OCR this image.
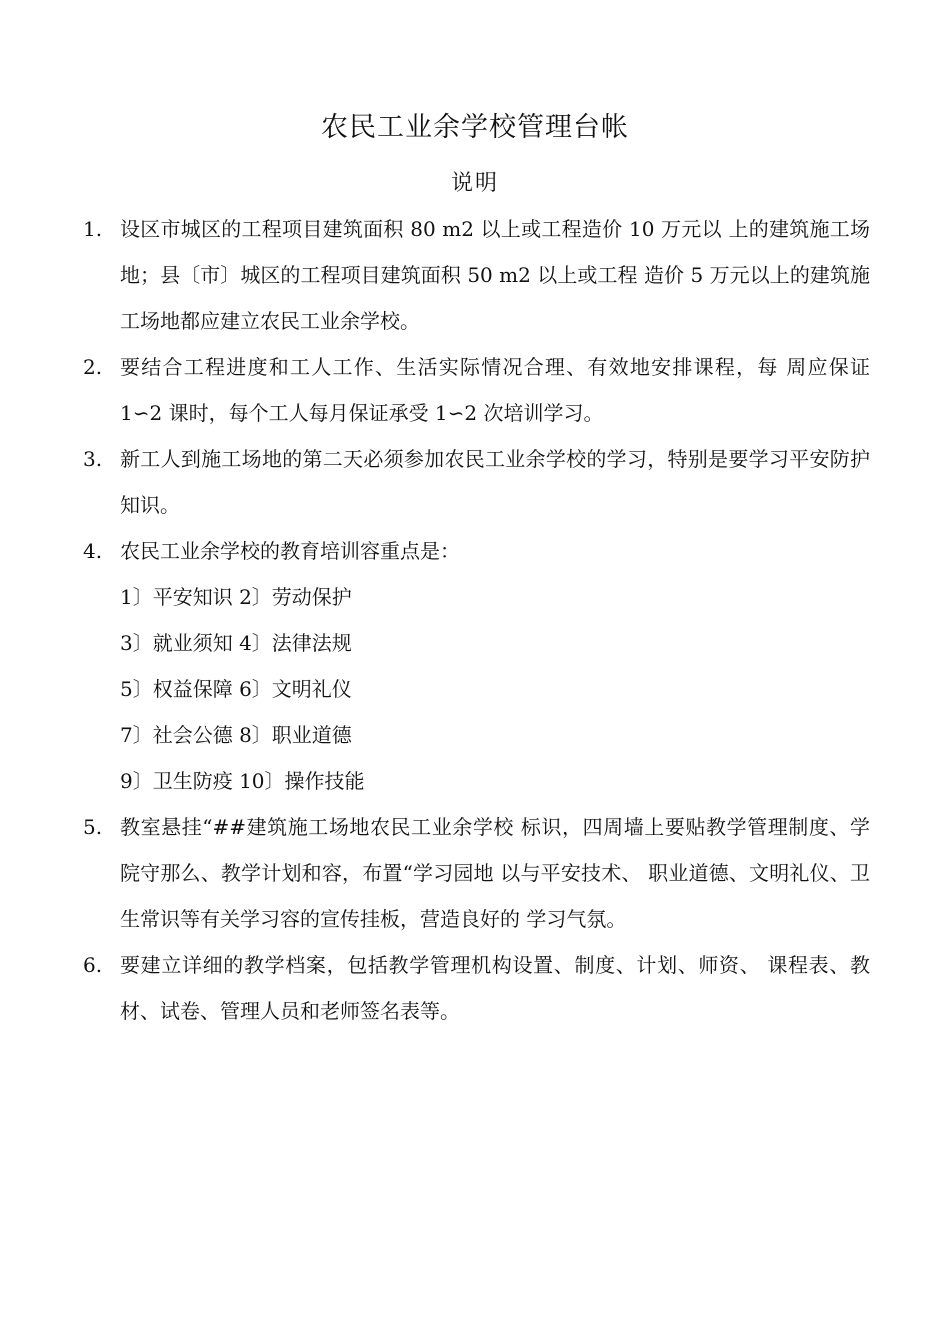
农民工业余学校管理台帐
说明
1. 设区市城区的工程项目建筑面积 80 m2 以上或工程造价 10 万元以 上的建筑施工场地；县〔市〕城区的工程项目建筑面积 50 m2 以上或工程 造价 5 万元以上的建筑施工场地都应建立农民工业余学校。
2. 要结合工程进度和工人工作、生活实际情况合理、有效地安排课程，每 周应保证 1∽2 课时，每个工人每月保证承受 1∽2 次培训学习。
3. 新工人到施工场地的第二天必须参加农民工业余学校的学习，特别是要学习平安防护知识。
4. 农民工业余学校的教育培训容重点是：
1〕平安知识 2〕劳动保护
3〕就业须知 4〕法律法规
5〕权益保障 6〕文明礼仪
7〕社会公德 8〕职业道德
9〕卫生防疫 10〕操作技能
5. 教室悬挂“##建筑施工场地农民工业余学校 标识，四周墙上要贴教学管理制度、学院守那么、教学计划和容，布置“学习园地 以与平安技术、 职业道德、文明礼仪、卫生常识等有关学习容的宣传挂板，营造良好的 学习气氛。
6. 要建立详细的教学档案，包括教学管理机构设置、制度、计划、师资、 课程表、教材、试卷、管理人员和老师签名表等。
